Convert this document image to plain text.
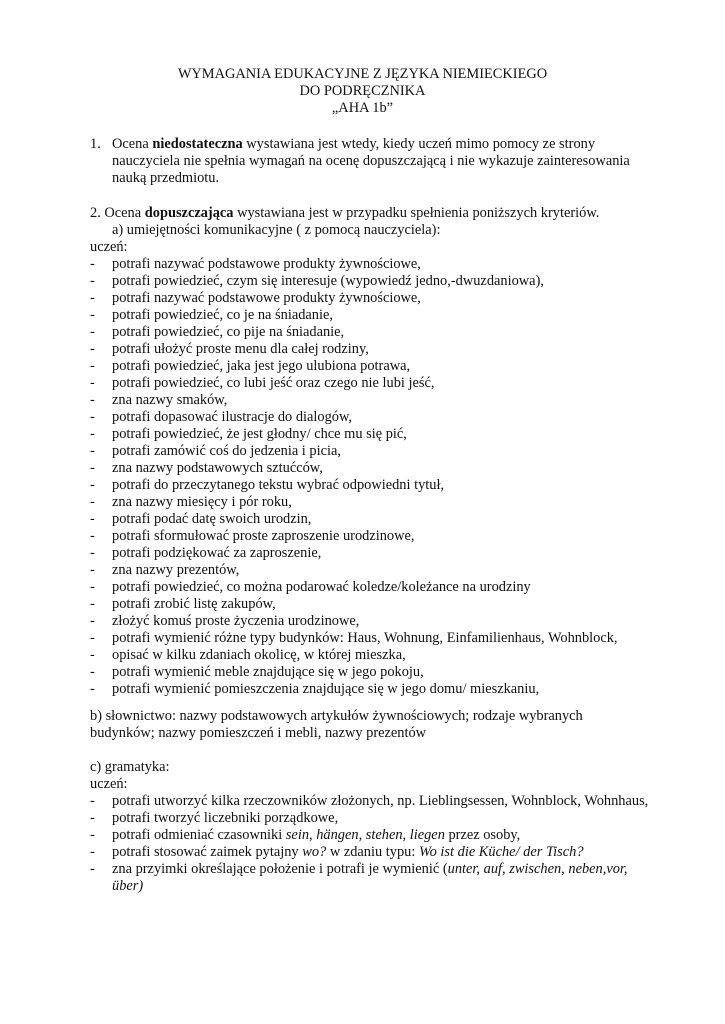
WYMAGANIA EDUKACYJNE Z JĘZYKA NIEMIECKIEGO
DO PODRĘCZNIKA
„AHA 1b”
1. Ocena niedostateczna wystawiana jest wtedy, kiedy uczeń mimo pomocy ze strony nauczyciela nie spełnia wymagań na ocenę dopuszczającą i nie wykazuje zainteresowania nauką przedmiotu.
2. Ocena dopuszczająca wystawiana jest w przypadku spełnienia poniższych kryteriów.
a) umiejętności komunikacyjne ( z pomocą nauczyciela):
uczeń:
- potrafi nazywać podstawowe produkty żywnościowe,
- potrafi powiedzieć, czym się interesuje (wypowiedź jedno,-dwuzdaniowa),
- potrafi nazywać podstawowe produkty żywnościowe,
- potrafi powiedzieć, co je na śniadanie,
- potrafi powiedzieć, co pije na śniadanie,
- potrafi ułożyć proste menu dla całej rodziny,
- potrafi powiedzieć, jaka jest jego ulubiona potrawa,
- potrafi powiedzieć, co lubi jeść oraz czego nie lubi jeść,
- zna nazwy smaków,
- potrafi dopasować ilustracje do dialogów,
- potrafi powiedzieć, że jest głodny/ chce mu się pić,
- potrafi zamówić coś do jedzenia i picia,
- zna nazwy podstawowych sztućców,
- potrafi do przeczytanego tekstu wybrać odpowiedni tytuł,
- zna nazwy miesięcy i pór roku,
- potrafi podać datę swoich urodzin,
- potrafi sformułować proste zaproszenie urodzinowe,
- potrafi podziękować za zaproszenie,
- zna nazwy prezentów,
- potrafi powiedzieć, co można podarować koledze/koleżance na urodziny
- potrafi zrobić listę zakupów,
- złożyć komuś proste życzenia urodzinowe,
- potrafi wymienić różne typy budynków: Haus, Wohnung, Einfamilienhaus, Wohnblock,
- opisać w kilku zdaniach okolicę, w której mieszka,
- potrafi wymienić meble znajdujące się w jego pokoju,
- potrafi wymienić pomieszczenia znajdujące się w jego domu/ mieszkaniu,
b) słownictwo: nazwy podstawowych artykułów żywnościowych; rodzaje wybranych budynków; nazwy pomieszczeń i mebli, nazwy prezentów
c) gramatyka:
uczeń:
- potrafi utworzyć kilka rzeczowników złożonych, np. Lieblingsessen, Wohnblock, Wohnhaus,
- potrafi tworzyć liczebniki porządkowe,
- potrafi odmieniać czasowniki sein, hängen, stehen, liegen przez osoby,
- potrafi stosować zaimek pytajny wo? w zdaniu typu: Wo ist die Küche/ der Tisch?
- zna przyimki określające położenie i potrafi je wymienić (unter, auf, zwischen, neben,vor, über)
